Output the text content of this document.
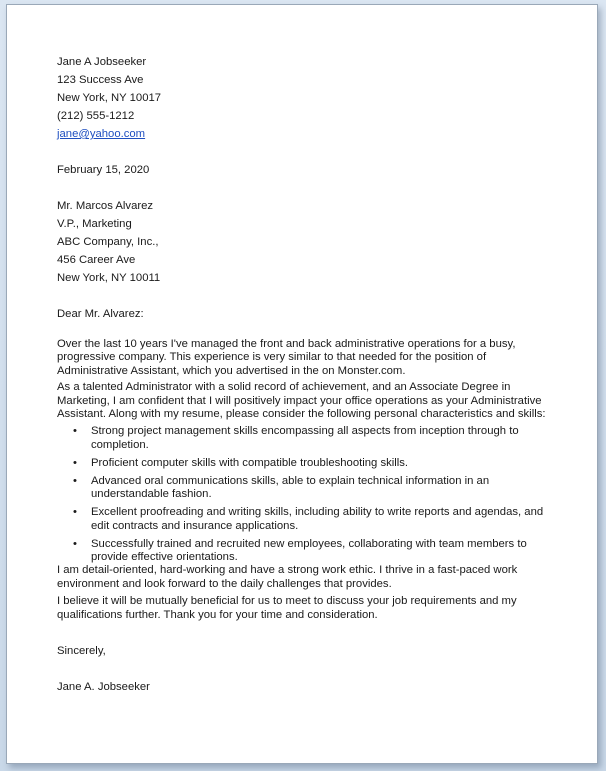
Jane A Jobseeker
123 Success Ave
New York, NY 10017
(212) 555-1212
jane@yahoo.com
February 15, 2020
Mr. Marcos Alvarez
V.P., Marketing
ABC Company, Inc.,
456 Career Ave
New York, NY 10011
Dear Mr. Alvarez:

Over the last 10 years I've managed the front and back administrative operations for a busy, progressive company. This experience is very similar to that needed for the position of Administrative Assistant, which you advertised in the on Monster.com.

As a talented Administrator with a solid record of achievement, and an Associate Degree in Marketing, I am confident that I will positively impact your office operations as your Administrative Assistant. Along with my resume, please consider the following personal characteristics and skills:

• Strong project management skills encompassing all aspects from inception through to completion.
• Proficient computer skills with compatible troubleshooting skills.
• Advanced oral communications skills, able to explain technical information in an understandable fashion.
• Excellent proofreading and writing skills, including ability to write reports and agendas, and edit contracts and insurance applications.
• Successfully trained and recruited new employees, collaborating with team members to provide effective orientations.

I am detail-oriented, hard-working and have a strong work ethic. I thrive in a fast-paced work environment and look forward to the daily challenges that provides.

I believe it will be mutually beneficial for us to meet to discuss your job requirements and my qualifications further. Thank you for your time and consideration.

Sincerely,
Jane A. Jobseeker
